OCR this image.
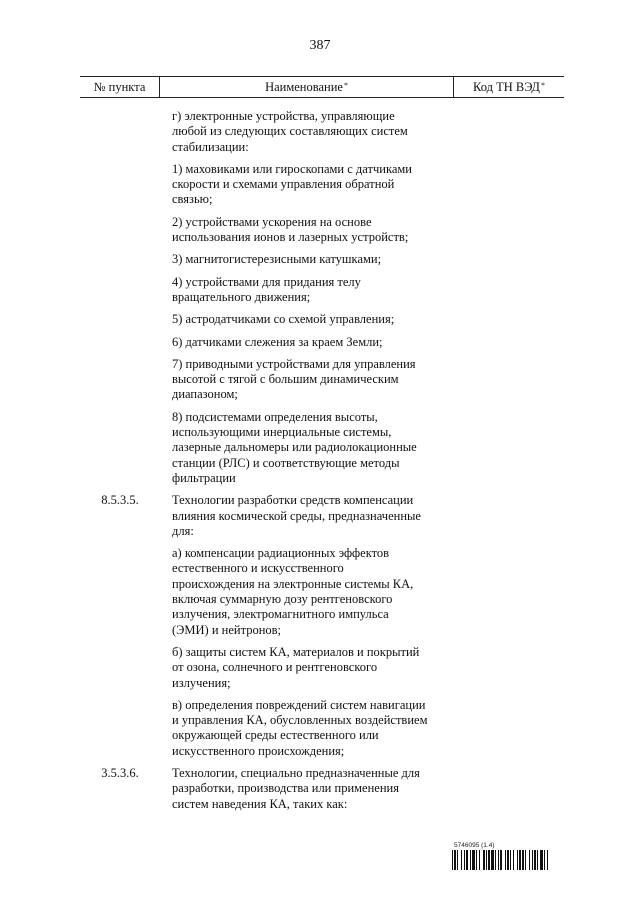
387
№ пункта	Наименование*	Код ТН ВЭД*
г) электронные устройства, управляющие
любой из следующих составляющих систем
стабилизации:
1) маховиками или гироскопами с датчиками
скорости и схемами управления обратной
связью;
2) устройствами ускорения на основе
использования ионов и лазерных устройств;
3) магнитогистерезисными катушками;
4) устройствами для придания телу
вращательного движения;
5) астродатчиками со схемой управления;
6) датчиками слежения за краем Земли;
7) приводными устройствами для управления
высотой с тягой с большим динамическим
диапазоном;
8) подсистемами определения высоты,
использующими инерциальные системы,
лазерные дальномеры или радиолокационные
станции (РЛС) и соответствующие методы
фильтрации
8.5.3.5.	Технологии разработки средств компенсации
влияния космической среды, предназначенные
для:
а) компенсации радиационных эффектов
естественного и искусственного
происхождения на электронные системы КА,
включая суммарную дозу рентгеновского
излучения, электромагнитного импульса
(ЭМИ) и нейтронов;
б) защиты систем КА, материалов и покрытий
от озона, солнечного и рентгеновского
излучения;
в) определения повреждений систем навигации
и управления КА, обусловленных воздействием
окружающей среды естественного или
искусственного происхождения;
3.5.3.6.	Технологии, специально предназначенные для
разработки, производства или применения
систем наведения КА, таких как:
5746095 (1.4)
